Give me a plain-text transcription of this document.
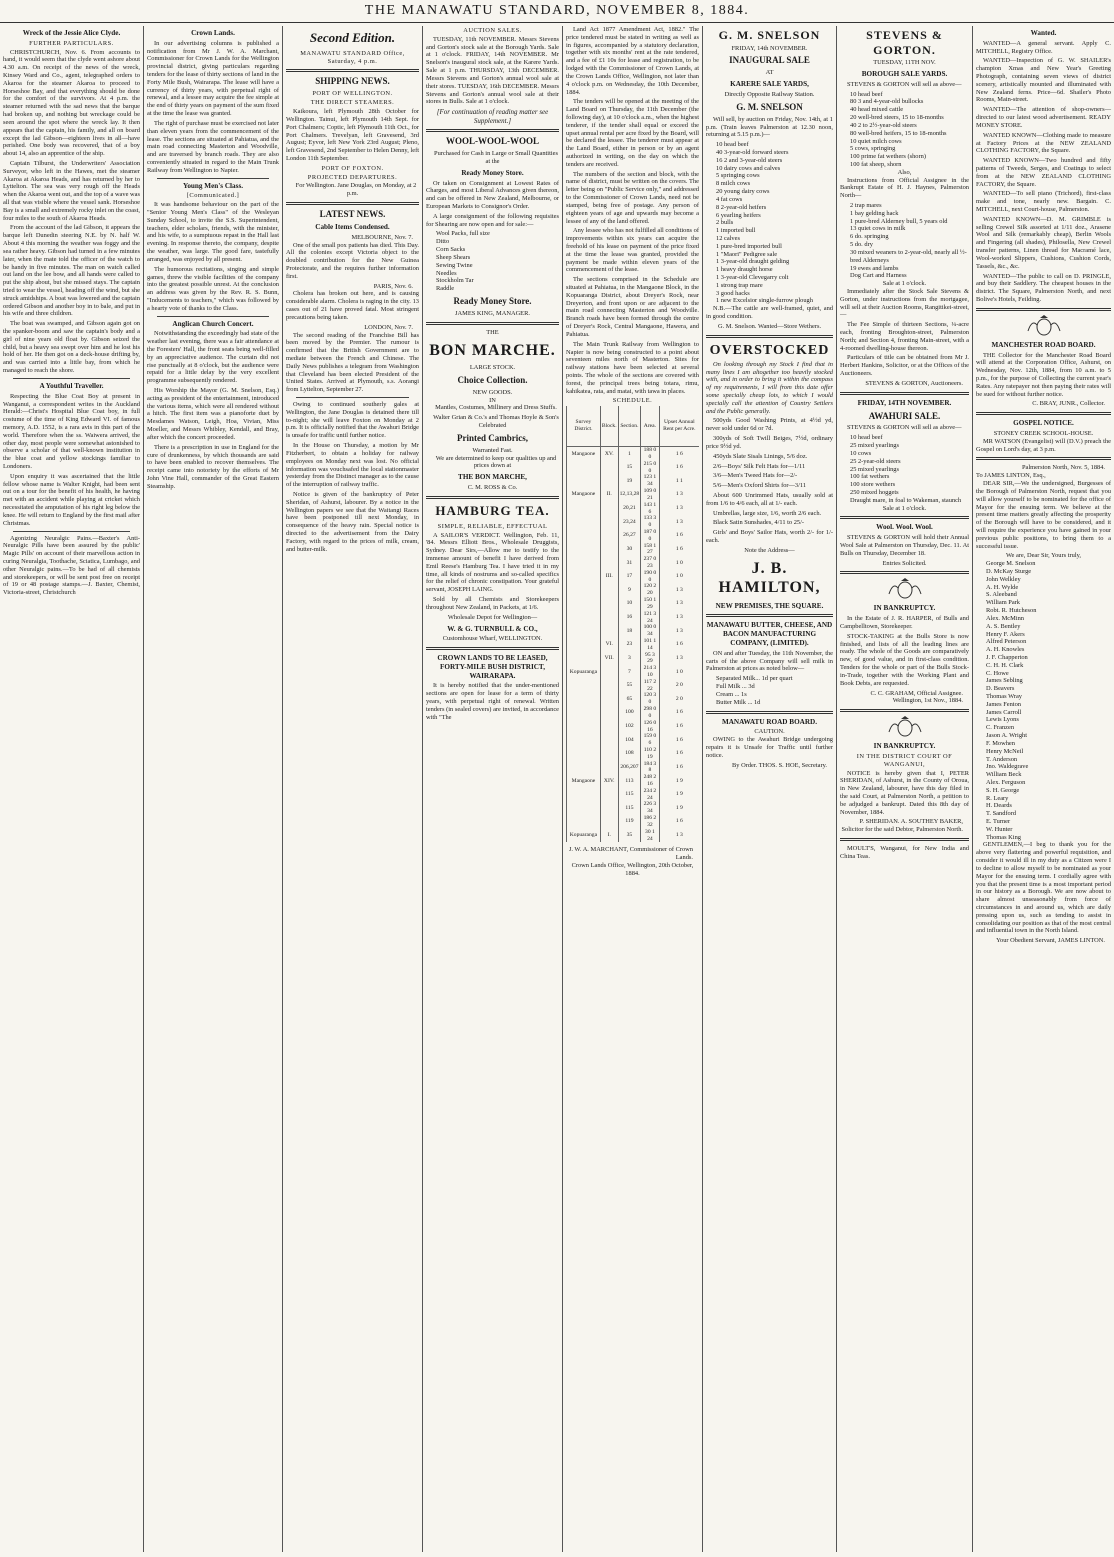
THE MANAWATU STANDARD, NOVEMBER 8, 1884.
Wreck of the Jessie Alice Clyde.
FURTHER PARTICULARS.

CHRISTCHURCH, Nov. 6. From accounts to hand, it would seem that the clyde went ashore about 4.30 a.m. On receipt of the news of the wreck, Kinsey Ward and Co., agent, telegraphed orders to Akaroa for the steamer Akaroa to proceed to Horseshoe Bay, and that everything should be done for the comfort of the survivors. At 4 p.m. the steamer returned with the sad news that the barque had broken up, and nothing but wreckage could be seen around the spot where the wreck lay. It then appears that the captain, his family, and all on board except the lad Gibson—eighteen lives in all—have perished. One body was recovered, that of a boy about 14, also an apprentice of the ship.

Captain Tilburst, the Underwriters' Association Surveyor, who left in the Hawes, met the steamer Akaroa at Akaroa Heads, and has returned by her to Lyttelton. The sea was very rough off the Heads when the Akaroa went out, and the top of a wave was all that was visible where the vessel sank. Horseshoe Bay is a small and extremely rocky inlet on the coast, four miles to the south of Akaroa Heads.

From the account of the lad Gibson, it appears the barque left Dunedin steering N.E. by N. half W. About 4 this morning the weather was foggy and the sea rather heavy. Gibson had turned in a few minutes later, when the mate told the officer of the watch to be handy in five minutes. The man on watch called out land on the lee bow, and all hands were called to put the ship about, but she missed stays. The captain tried to wear the vessel, heading off the wind, but she struck amidships. A boat was lowered and the captain ordered Gibson and another boy in to bale, and put in his wife and three children.

The boat was swamped, and Gibson again got on the spanker-boom and saw the captain's body and a girl of nine years old float by. Gibson seized the child, but a heavy sea swept over him and he lost his hold of her. He then got on a deck-house drifting by, and was carried into a little bay, from which he managed to reach the shore.

A Youthful Traveller.

Respecting the Blue Coat Boy at present in Wanganui, a correspondent writes in the Auckland Herald:—Christ's Hospital Blue Coat boy, in full costume of the time of King Edward VI. of famous memory, A.D. 1552, is a rara avis in this part of the world. Therefore when the ss. Waiwera arrived, the other day, most people were somewhat astonished to observe a scholar of that well-known institution in the blue coat and yellow stockings familiar to Londoners.

Upon enquiry it was ascertained that the little fellow whose name is Walter Knight, had been sent out on a tour for the benefit of his health, he having met with an accident while playing at cricket which necessitated the amputation of his right leg below the knee. He will return to England by the first mail after Christmas.

Agonizing Neuralgic Pains.—Baxter's Anti-Neuralgic Pills have been assured by the public' Magic Pills' on account of their marvellous action in curing Neuralgia, Toothache, Sciatica, Lumbago, and other Neuralgic pains.—To be had of all chemists and storekeepers, or will be sent post free on receipt of 19 or 48 postage stamps.—J. Baxter, Chemist, Victoria-street, Christchurch

Crown Lands.

In our advertising columns is published a notification from Mr J. W. A. Marchant, Commissioner for Crown Lands for the Wellington provincial district, giving particulars regarding tenders for the lease of thirty sections of land in the Forty Mile Bush, Wairarapa. The lease will have a currency of thirty years, with perpetual right of renewal, and a lessee may acquire the fee simple at the end of thirty years on payment of the sum fixed at the time the lease was granted.

The right of purchase must be exercised not later than eleven years from the commencement of the lease. The sections are situated at Pahiatua, and the main road connecting Masterton and Woodville, and are traversed by branch roads. They are also conveniently situated in regard to the Main Trunk Railway from Wellington to Napier.

Young Men's Class.
[Communicated.]

It was handsome behaviour on the part of the "Senior Young Men's Class" of the Wesleyan Sunday School, to invite the S.S. Superintendent, teachers, elder scholars, friends, with the minister, and his wife, to a sumptuous repast in the Hall last evening. In response thereto, the company, despite the weather, was large. The good fare, tastefully arranged, was enjoyed by all present.

The humorous recitations, singing and simple games, threw the visible facilities of the company into the greatest possible unrest. At the conclusion an address was given by the Rev. R. S. Bunn, "Inducements to teachers," which was followed by a hearty vote of thanks to the Class.

Anglican Church Concert.

Notwithstanding the exceedingly bad state of the weather last evening, there was a fair attendance at the Foresters' Hall, the front seats being well-filled by an appreciative audience. The curtain did not rise punctually at 8 o'clock, but the audience were repaid for a little delay by the very excellent programme subsequently rendered.

His Worship the Mayor (G. M. Snelson, Esq.) acting as president of the entertainment, introduced the various items, which were all rendered without a hitch. The first item was a pianoforte duet by Mesdames Watson, Leigh, Hoa, Vivian, Miss Moeller, and Messrs Whibley, Kendall, and Bray, after which the concert proceeded.

There is a prescription in use in England for the cure of drunkenness, by which thousands are said to have been enabled to recover themselves. The receipt came into notoriety by the efforts of Mr John Vine Hall, commander of the Great Eastern Steamship.

Second Edition.
MANAWATU STANDARD Office, Saturday, 4 p.m.
SHIPPING NEWS.
PORT OF WELLINGTON.
THE DIRECT STEAMERS.

Kaikoura, left Plymouth 28th October for Wellington. Tainui, left Plymouth 14th Sept. for Port Chalmers; Coptic, left Plymouth 11th Oct., for Port Chalmers. Trevelyan, left Gravesend, 3rd August; Eyvor, left New York 23rd August; Pleno, left Gravesend, 2nd September to Helen Denny, left London 11th September.

PORT OF FOXTON.
PROJECTED DEPARTURES.

For Wellington. Jane Douglas, on Monday, at 2 p.m.

LATEST NEWS.
Cable Items Condensed.
MELBOURNE, Nov. 7.

One of the small pox patients has died. This Day. All the colonies except Victoria object to the doubled contribution for the New Guinea Protectorate, and the requires further information first.

PARIS, Nov. 6.

Cholera has broken out here, and is causing considerable alarm. Cholera is raging in the city. 13 cases out of 21 have proved fatal. Most stringent precautions being taken.

LONDON, Nov. 7.

The second reading of the Franchise Bill has been moved by the Premier. The rumour is confirmed that the British Government are to mediate between the French and Chinese. The Daily News publishes a telegram from Washington that Cleveland has been elected President of the United States. Arrived at Plymouth, s.s. Aorangi from Lyttelton, September 27.

Owing to continued southerly gales at Wellington, the Jane Douglas is detained there till to-night; she will leave Foxton on Monday at 2 p.m. It is officially notified that the Awahuri Bridge is unsafe for traffic until further notice.

In the House on Thursday, a motion by Mr Fitzherbert, to obtain a holiday for railway employees on Monday next was lost. No official information was vouchsafed the local stationmaster yesterday from the Distinct manager as to the cause of the interruption of railway traffic.

Notice is given of the bankruptcy of Peter Sheridan, of Ashurst, labourer. By a notice in the Wellington papers we see that the Waitangi Races have been postponed till next Monday, in consequence of the heavy rain. Special notice is directed to the advertisement from the Dairy Factory, with regard to the prices of milk, cream, and butter-milk.

AUCTION SALES.

TUESDAY, 11th NOVEMBER. Messrs Stevens and Gorton's stock sale at the Borough Yards. Sale at 1 o'clock. FRIDAY, 14th NOVEMBER. Mr Snelson's inaugural stock sale, at the Karere Yards. Sale at 1 p.m. THURSDAY, 13th DECEMBER. Messrs Stevens and Gorton's annual wool sale at their stores. TUESDAY, 16th DECEMBER. Messrs Stevens and Gorton's annual wool sale at their stores in Bulls. Sale at 1 o'clock.

[For continuation of reading matter see Supplement.]
WOOL-WOOL-WOOL

Purchased for Cash in Large or Small Quantities at the

Ready Money Store.

Or taken on Consignment at Lowest Rates of Charges, and most Liberal Advances given thereon, and can be offered in New Zealand, Melbourne, or European Markets to Consignor's Order.

A large consignment of the following requisites for Shearing are now open and for sale:—

Wool Packs, full size
Ditto
Corn Sacks
Sheep Shears
Sewing Twine
Needles
Stockholm Tar
Raddle
Ready Money Store.
JAMES KING, MANAGER.
THE
BON MARCHE.
LARGE STOCK.
Choice Collection.
NEW GOODS.
IN

Mantles, Costumes, Millinery and Dress Stuffs.

Walter Grian & Co.'s and Thomas Hoyle & Son's Celebrated

Printed Cambrics,
Warranted Fast.

We are determined to keep our qualities up and prices down at

THE BON MARCHE,
C. M. ROSS & Co.
HAMBURG TEA.
SIMPLE, RELIABLE, EFFECTUAL

A SAILOR'S VERDICT. Wellington, Feb. 11, '84. Messrs Elliott Bros., Wholesale Druggists, Sydney. Dear Sirs,—Allow me to testify to the immense amount of benefit I have derived from Emil Reese's Hamburg Tea. I have tried it in my time, all kinds of nostrums and so-called specifics for the relief of chronic constipation. Your grateful servant, JOSEPH LAING.

Sold by all Chemists and Storekeepers throughout New Zealand, in Packets, at 1/6.

Wholesale Depot for Wellington—
W. & G. TURNBULL & CO.,
Customhouse Wharf, WELLINGTON.
CROWN LANDS TO BE LEASED, FORTY-MILE BUSH DISTRICT, WAIRARAPA.

It is hereby notified that the under-mentioned sections are open for lease for a term of thirty years, with perpetual right of renewal. Written tenders (in sealed covers) are invited, in accordance with "The

Land Act 1877 Amendment Act, 1882." The price tendered must be stated in writing as well as in figures, accompanied by a statutory declaration, together with six months' rent at the rate tendered, and a fee of £1 10s for lease and registration, to be lodged with the Commissioner of Crown Lands, at the Crown Lands Office, Wellington, not later than 4 o'clock p.m. on Wednesday, the 10th December, 1884.

The tenders will be opened at the meeting of the Land Board on Thursday, the 11th December (the following day), at 10 o'clock a.m., when the highest tenderer, if the tender shall equal or exceed the upset annual rental per acre fixed by the Board, will be declared the lessee. The tenderer must appear at the Land Board, either in person or by an agent authorized in writing, on the day on which the tenders are received.

The numbers of the section and block, with the name of district, must be written on the covers. The letter being on "Public Service only," and addressed to the Commissioner of Crown Lands, need not be stamped, being free of postage. Any person of eighteen years of age and upwards may become a lessee of any of the land offered.

Any lessee who has not fulfilled all conditions of improvements within six years can acquire the freehold of his lease on payment of the price fixed at the time the lease was granted, provided the payment be made within eleven years of the commencement of the lease.

The sections comprised in the Schedule are situated at Pahiatua, in the Mangaone Block, in the Kopuaranga District, about Dreyer's Rock, near Dreyerton, and front upon or are adjacent to the main road connecting Masterton and Woodville. Branch roads have been formed through the centre of Dreyer's Rock, Central Mangaone, Hawera, and Pahiatua.

The Main Trunk Railway from Wellington to Napier is now being constructed to a point about seventeen miles north of Masterton. Sites for railway stations have been selected at several points. The whole of the sections are covered with forest, the principal trees being totara, rimu, kahikatea, rata, and matai, with tawa in places.

SCHEDULE.
Survey District.	Block.	Section.	Area.	Upset Annual Rent per Acre.
Mangaone	XV.	1	188 0 0	1 6
		15	215 0 0	1 6
		19	123 1 34	1 1
Mangaone	II.	12,13,28	109 0 21	1 3
		20,21	143 1 6	1 3
		23,24	133 3 0	1 3
		26,27	187 0 0	1 6
		30	158 1 27	1 6
		31	237 0 23	1 0
	III.	17	190 0 0	1 0
		9	120 2 20	1 3
		10	150 1 29	1 3
		16	121 3 24	1 3
		18	100 0 34	1 3
	VI.	23	101 1 14	1 6
	VII.	3	95 3 29	1 3
Kopuaranga		7	214 3 10	1 0
		55	117 2 22	2 0
		65	120 3 0	2 0
		100	298 0 0	1 6
		102	126 0 16	1 6
		104	159 0 6	1 6
		108	110 2 19	1 6
		206,207	184 3 8	1 6
Mangaone	XIV.	113	248 2 16	1 9
		115	234 2 24	1 9
		115	226 3 34	1 9
		119	186 2 32	1 6
Kopuaranga	I.	35	30 1 24	1 3
J. W. A. MARCHANT, Commissioner of Crown Lands.
Crown Lands Office, Wellington, 20th October, 1884.
G. M. SNELSON
FRIDAY, 14th NOVEMBER.
INAUGURAL SALE
AT
KARERE SALE YARDS,
Directly Opposite Railway Station.
G. M. SNELSON

Will sell, by auction on Friday, Nov. 14th, at 1 p.m. (Train leaves Palmerston at 12.30 noon, returning at 5.15 p.m.)—

10 head beef
40 3-year-old forward steers
16 2 and 3-year-old steers
10 dairy cows and calves
5 springing cows
8 milch cows
20 young dairy cows
4 fat cows
8 2-year-old heifers
6 yearling heifers
2 bulls
1 imported bull
12 calves
1 pure-bred imported bull
1 "Maori" Pedigree sale
1 3-year-old draught gelding
1 heavy draught horse
1 3-year-old Clevegarry colt
1 strong trap mare
3 good hacks
1 new Excelsior single-furrow plough

N.B.—The cattle are well-framed, quiet, and in good condition.

G. M. Snelson. Wanted—Store Wethers.
OVERSTOCKED

On looking through my Stock I find that in many lines I am altogether too heavily stocked with, and in order to bring it within the compass of my requirements, I will from this date offer some specially cheap lots, to which I would specially call the attention of Country Settlers and the Public generally.

500yds Good Washing Prints, at 4½d yd, never sold under 6d or 7d.

300yds of Soft Twill Beiges, 7½d, ordinary price 9½d yd.

450yds Slate Sisals Linings, 5/6 doz.

2/6—Boys' Silk Felt Hats for—1/11

3/6—Men's Tweed Hats for—2/-

5/6—Men's Oxford Shirts for—3/11

About 600 Unrimmed Hats, usually sold at from 1/6 to 4/6 each, all at 1/- each.

Umbrellas, large size, 1/6, worth 2/6 each.

Black Satin Sunshades, 4/11 to 25/-

Girls' and Boys' Sailor Hats, worth 2/- for 1/- each.

Note the Address—
J. B. HAMILTON,
NEW PREMISES, THE SQUARE.
MANAWATU BUTTER, CHEESE, AND BACON MANUFACTURING COMPANY, (LIMITED).

ON and after Tuesday, the 11th November, the carts of the above Company will sell milk in Palmerston at prices as noted below—

Separated Milk... 1d per quart
Full Milk ... 3d
Cream ... 1s
Butter Milk ... 1d
MANAWATU ROAD BOARD.
CAUTION.

OWING to the Awahuri Bridge undergoing repairs it is Unsafe for Traffic until further notice.

By Order. THOS. S. HOE, Secretary.
STEVENS & GORTON.
TUESDAY, 11TH NOV.
BOROUGH SALE YARDS.

STEVENS & GORTON will sell as above—

10 head beef
80 3 and 4-year-old bullocks
40 head mixed cattle
20 well-bred steers, 15 to 18-months
40 2 to 2½-year-old steers
80 well-bred heifers, 15 to 18-months
10 quiet milch cows
5 cows, springing
100 prime fat wethers (shorn)
100 fat sheep, shorn
Also,

Instructions from Official Assignee in the Bankrupt Estate of H. J. Haynes, Palmerston North—

2 trap mares
1 bay gelding hack
1 pure-bred Alderney bull, 5 years old
13 quiet cows in milk
6 do. springing
5 do. dry
30 mixed weaners to 2-year-old, nearly all ½-bred Alderneys
19 ewes and lambs
Dog Cart and Harness
Sale at 1 o'clock.

Immediately after the Stock Sale Stevens & Gorton, under instructions from the mortgagee, will sell at their Auction Rooms, Rangitikei-street,—

The Fee Simple of thirteen Sections, ¼-acre each, fronting Broughton-street, Palmerston North; and Section 4, fronting Main-street, with a 4-roomed dwelling-house thereon.

Particulars of title can be obtained from Mr J. Herbert Hankins, Solicitor, or at the Offices of the Auctioneers.

STEVENS & GORTON, Auctioneers.
FRIDAY, 14TH NOVEMBER.
AWAHURI SALE.

STEVENS & GORTON will sell as above—

10 head beef
25 mixed yearlings
10 cows
25 2-year-old steers
25 mixed yearlings
100 fat wethers
100 store wethers
250 mixed hoggets
Draught mare, in foal to Wakeman, staunch
Sale at 1 o'clock.
Wool. Wool. Wool.

STEVENS & GORTON will hold their Annual Wool Sale at Palmerston on Thursday, Dec. 11. At Bulls on Thursday, December 18.

Entries Solicited.
IN BANKRUPTCY.

In the Estate of J. R. HARPER, of Bulls and Campbelltown, Storekeeper.

STOCK-TAKING at the Bulls Store is now finished, and lists of all the leading lines are ready. The whole of the Goods are comparatively new, of good value, and in first-class condition. Tenders for the whole or part of the Bulls Stock-in-Trade, together with the Working Plant and Book Debts, are requested.

C. C. GRAHAM, Official Assignee. Wellington, 1st Nov., 1884.
IN BANKRUPTCY.
IN THE DISTRICT COURT OF WANGANUI,

NOTICE is hereby given that I, PETER SHERIDAN, of Ashurst, in the County of Oroua, in New Zealand, labourer, have this day filed in the said Court, at Palmerston North, a petition to be adjudged a bankrupt. Dated this 8th day of November, 1884.

P. SHERIDAN. A. SOUTHEY BAKER, Solicitor for the said Debtor, Palmerston North.

MOULT'S, Wanganui, for New India and China Teas.

Wanted.

WANTED—A general servant. Apply C. MITCHELL, Registry Office.

WANTED—Inspection of G. W. SHAILER's champion Xmas and New Year's Greeting Photograph, containing seven views of district scenery, artistically mounted and illuminated with New Zealand ferns. Price—6d. Shailer's Photo Rooms, Main-street.

WANTED—The attention of shop-owners—directed to our latest wood advertisement. READY MONEY STORE.

WANTED KNOWN—Clothing made to measure at Factory Prices at the NEW ZEALAND CLOTHING FACTORY, the Square.

WANTED KNOWN—Two hundred and fifty patterns of Tweeds, Serges, and Coatings to select from at the NEW ZEALAND CLOTHING FACTORY, the Square.

WANTED—To sell piano (Trichord), first-class make and tone, nearly new. Bargain. C. MITCHELL, next Court-house, Palmerston.

WANTED KNOWN—D. M. GRIMBLE is selling Crewel Silk assorted at 1/11 doz., Arasene Wool and Silk (remarkably cheap), Berlin Wools and Fingering (all shades), Philosella, New Crewel transfer patterns, Linen thread for Macramé lace, Wool-worked Slippers, Cushions, Cushion Cords, Tassels, &c., &c.

WANTED—The public to call on D. PRINGLE, and buy their Saddlery. The cheapest houses in the district. The Square, Palmerston North, and next Bolive's Hotels, Feilding.

MANCHESTER ROAD BOARD.

THE Collector for the Manchester Road Board will attend at the Corporation Office, Ashurst, on Wednesday, Nov. 12th, 1884, from 10 a.m. to 5 p.m., for the purpose of Collecting the current year's Rates. Any ratepayer not then paying their rates will be sued for without further notice.

C. BRAY, JUNR., Collector.
GOSPEL NOTICE.
STONEY CREEK SCHOOL-HOUSE.

MR WATSON (Evangelist) will (D.V.) preach the Gospel on Lord's day, at 3 p.m.

Palmerston North, Nov. 5, 1884.
To JAMES LINTON, Esq.,

DEAR SIR,—We the undersigned, Burgesses of the Borough of Palmerston North, request that you will allow yourself to be nominated for the office of Mayor for the ensuing term. We believe at the present time matters greatly affecting the prosperity of the Borough will have to be considered, and it will require the experience you have gained in your previous public positions, to bring them to a successful issue.

We are, Dear Sir, Yours truly,
George M. Snelson
D. McKay Sturge
John Welkley
A. H. Wylde
S. Aleeband
William Park
Robt. R. Hutcheson
Alex. McMinn
A. S. Bentley
Henry F. Akers
Alfred Peterson
A. H. Knowles
J. F. Chapperton
C. H. H. Clark
C. Howe
James Sebling
D. Beavers
Thomas Wray
James Fenton
James Carroll
Lewis Lyons
C. Franzen
Jason A. Wright
F. Mowhen
Henry McNeil
T. Anderson
Jno. Waldegrave
William Beck
Alex. Ferguson
S. H. George
R. Leary
H. Deards
T. Sandford
E. Turner
W. Hunter
Thomas King

GENTLEMEN,—I beg to thank you for the above very flattering and powerful requisition, and consider it would ill in my duty as a Citizen were I to decline to allow myself to be nominated as your Mayor for the ensuing term. I cordially agree with you that the present time is a most important period in our history as a Borough. We are now about to share almost unseasonably from force of circumstances in and around us, which are daily pressing upon us, such as tending to assist in consolidating our position as that of the most central and influential town in the North Island.

Your Obedient Servant, JAMES LINTON.
